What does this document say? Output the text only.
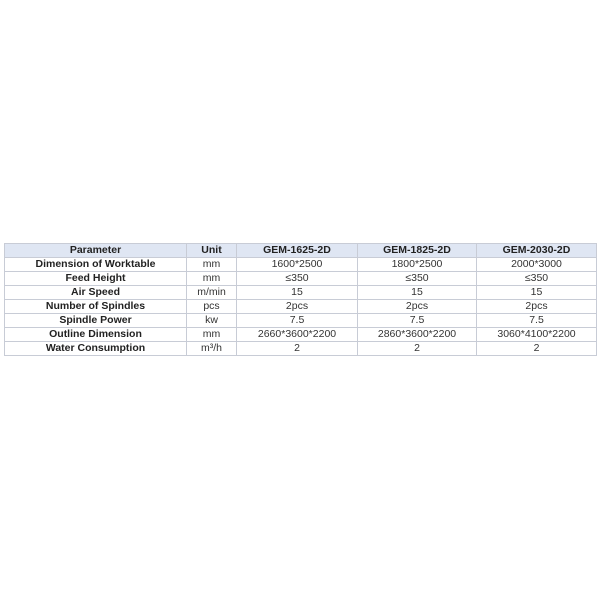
Parameter	Unit	GEM-1625-2D	GEM-1825-2D	GEM-2030-2D
Dimension of Worktable	mm	1600*2500	1800*2500	2000*3000
Feed Height	mm	≤350	≤350	≤350
Air Speed	m/min	15	15	15
Number of Spindles	pcs	2pcs	2pcs	2pcs
Spindle Power	kw	7.5	7.5	7.5
Outline Dimension	mm	2660*3600*2200	2860*3600*2200	3060*4100*2200
Water Consumption	m³/h	2	2	2
